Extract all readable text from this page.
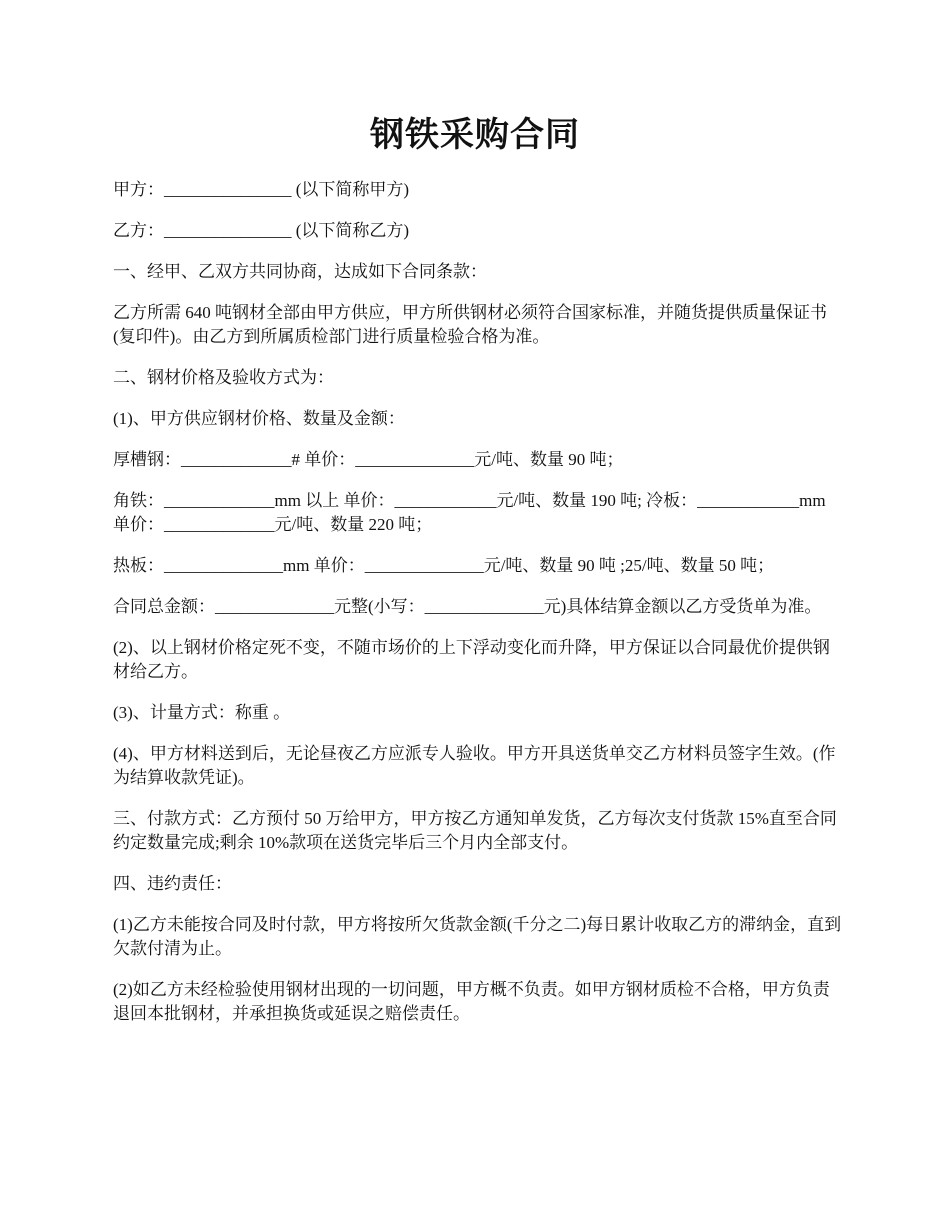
钢铁采购合同

甲方：_______________ (以下简称甲方)

乙方：_______________ (以下简称乙方)

一、经甲、乙双方共同协商，达成如下合同条款：

乙方所需 640 吨钢材全部由甲方供应，甲方所供钢材必须符合国家标准，并随货提供质量保证书(复印件)。由乙方到所属质检部门进行质量检验合格为准。

二、钢材价格及验收方式为：

(1)、甲方供应钢材价格、数量及金额：

厚槽钢：_____________# 单价：______________元/吨、数量 90 吨；

角铁：_____________mm 以上 单价：____________元/吨、数量 190 吨; 冷板：____________mm 单价：_____________元/吨、数量 220 吨；

热板：______________mm 单价：______________元/吨、数量 90 吨 ;25/吨、数量 50 吨；

合同总金额：______________元整(小写：______________元)具体结算金额以乙方受货单为准。

(2)、以上钢材价格定死不变，不随市场价的上下浮动变化而升降，甲方保证以合同最优价提供钢材给乙方。

(3)、计量方式：称重 。

(4)、甲方材料送到后，无论昼夜乙方应派专人验收。甲方开具送货单交乙方材料员签字生效。(作为结算收款凭证)。

三、付款方式：乙方预付 50 万给甲方，甲方按乙方通知单发货，乙方每次支付货款 15%直至合同约定数量完成;剩余 10%款项在送货完毕后三个月内全部支付。

四、违约责任：

(1)乙方未能按合同及时付款，甲方将按所欠货款金额(千分之二)每日累计收取乙方的滞纳金，直到欠款付清为止。

(2)如乙方未经检验使用钢材出现的一切问题，甲方概不负责。如甲方钢材质检不合格，甲方负责退回本批钢材，并承担换货或延误之赔偿责任。
